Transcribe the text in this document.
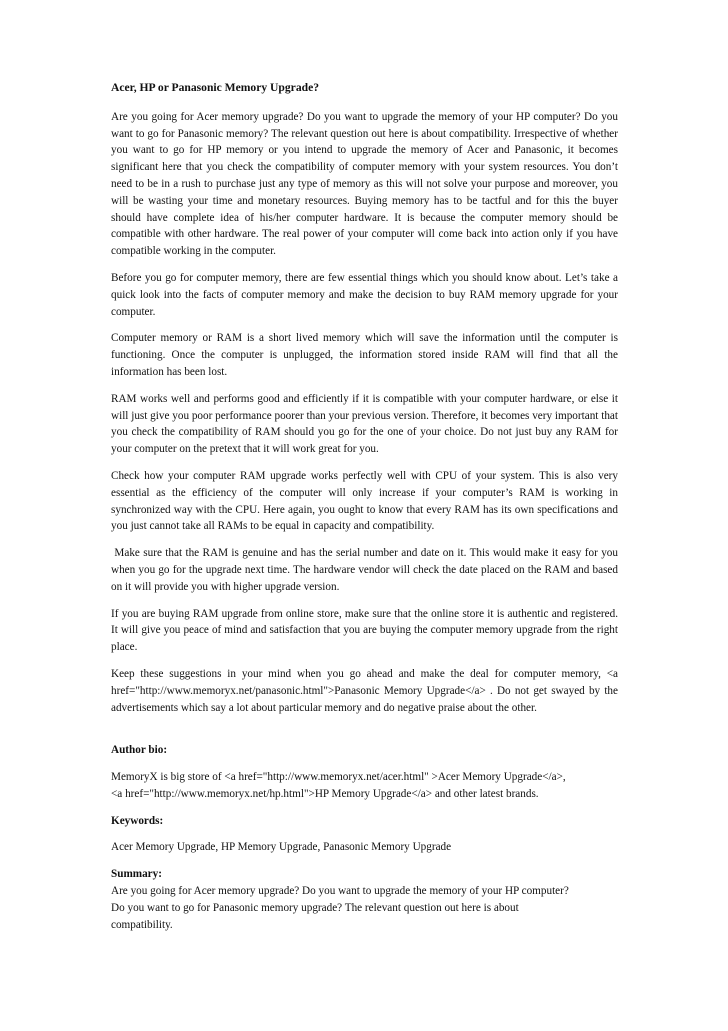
Acer, HP or Panasonic Memory Upgrade?

Are you going for Acer memory upgrade? Do you want to upgrade the memory of your HP computer? Do you want to go for Panasonic memory? The relevant question out here is about compatibility. Irrespective of whether you want to go for HP memory or you intend to upgrade the memory of Acer and Panasonic, it becomes significant here that you check the compatibility of computer memory with your system resources. You don’t need to be in a rush to purchase just any type of memory as this will not solve your purpose and moreover, you will be wasting your time and monetary resources. Buying memory has to be tactful and for this the buyer should have complete idea of his/her computer hardware. It is because the computer memory should be compatible with other hardware. The real power of your computer will come back into action only if you have compatible working in the computer.

Before you go for computer memory, there are few essential things which you should know about. Let’s take a quick look into the facts of computer memory and make the decision to buy RAM memory upgrade for your computer.

Computer memory or RAM is a short lived memory which will save the information until the computer is functioning. Once the computer is unplugged, the information stored inside RAM will find that all the information has been lost.

RAM works well and performs good and efficiently if it is compatible with your computer hardware, or else it will just give you poor performance poorer than your previous version. Therefore, it becomes very important that you check the compatibility of RAM should you go for the one of your choice. Do not just buy any RAM for your computer on the pretext that it will work great for you.

Check how your computer RAM upgrade works perfectly well with CPU of your system. This is also very essential as the efficiency of the computer will only increase if your computer’s RAM is working in synchronized way with the CPU. Here again, you ought to know that every RAM has its own specifications and you just cannot take all RAMs to be equal in capacity and compatibility.

Make sure that the RAM is genuine and has the serial number and date on it. This would make it easy for you when you go for the upgrade next time. The hardware vendor will check the date placed on the RAM and based on it will provide you with higher upgrade version.

If you are buying RAM upgrade from online store, make sure that the online store it is authentic and registered. It will give you peace of mind and satisfaction that you are buying the computer memory upgrade from the right place.

Keep these suggestions in your mind when you go ahead and make the deal for computer memory, <a href="http://www.memoryx.net/panasonic.html">Panasonic Memory Upgrade</a> . Do not get swayed by the advertisements which say a lot about particular memory and do negative praise about the other.

Author bio:
MemoryX is big store of <a href="http://www.memoryx.net/acer.html" >Acer Memory Upgrade</a>,
<a href="http://www.memoryx.net/hp.html">HP Memory Upgrade</a> and other latest brands.
Keywords:
Acer Memory Upgrade, HP Memory Upgrade, Panasonic Memory Upgrade
Summary:
Are you going for Acer memory upgrade? Do you want to upgrade the memory of your HP computer?
Do you want to go for Panasonic memory upgrade? The relevant question out here is about
compatibility.
